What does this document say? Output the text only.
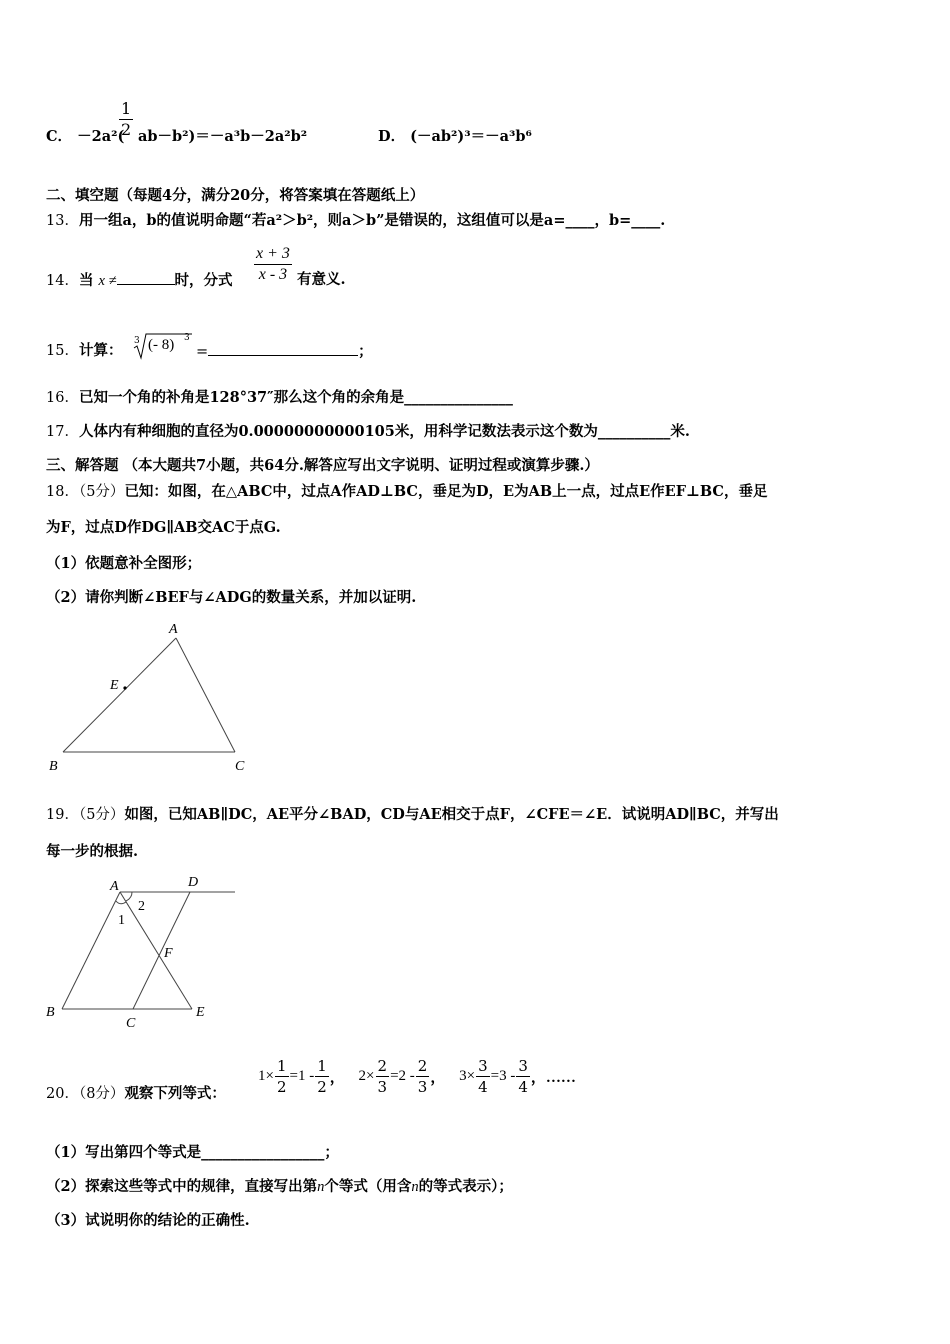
C． －2a²(
$\frac{1}{2} ab-b^2)=-a^3b-2a^2b^2$	D． (－ab²)³＝－a³b⁶
二、填空题（每题4分，满分20分，将答案填在答题纸上）
13．用一组a，b的值说明命题“若a²＞b²，则a＞b”是错误的，这组值可以是a=____，b=____.
14．当 x ≠	时，分式 $\frac{x + 3}{x - 3}$ 有意义.
15．计算：
3 (- 8) 3
=	；
16．已知一个角的补角是128°37″那么这个角的余角是_______________
17．人体内有种细胞的直径为0.00000000000105米，用科学记数法表示这个数为__________米.
三、解答题 （本大题共7小题，共64分.解答应写出文字说明、证明过程或演算步骤.）
18．（5分）已知：如图，在△ABC中，过点A作AD⊥BC，垂足为D，E为AB上一点，过点E作EF⊥BC，垂足
为F，过点D作DG∥AB交AC于点G.
（1）依题意补全图形；
（2）请你判断∠BEF与∠ADG的数量关系，并加以证明.
A
B	C
E
19．（5分）如图，已知AB∥DC，AE平分∠BAD，CD与AE相交于点F，∠CFE＝∠E．试说明AD∥BC，并写出
每一步的根据.
A	D
1
2
F
B
C
E
20．（8分）观察下列等式：
$1\times \frac{1}{2} =1 - \frac{1}{2}$ ， $2\times \frac{2}{3} =2 - \frac{2}{3}$ ， $3\times \frac{3}{4} =3 - \frac{3}{4}$ ，……
（1）写出第四个等式是_________________；
（2）探索这些等式中的规律，直接写出第n个等式（用含n的等式表示）；
（3）试说明你的结论的正确性.
